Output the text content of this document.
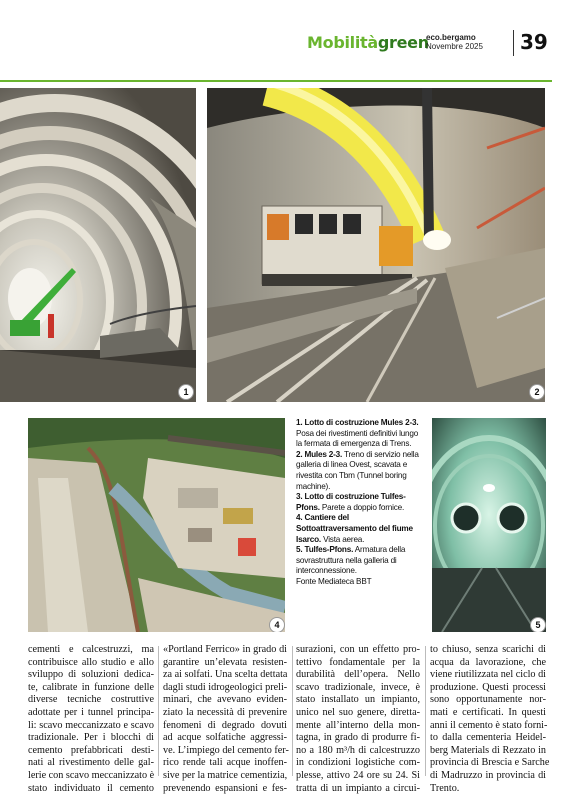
Mobilitàgreen
eco.bergamo
Novembre 2025 39
1	2
4

1. Lotto di costruzione Mules 2-3. Posa dei rivestimenti definitivi lungo la fermata di emergenza di Trens.

2. Mules 2-3. Treno di servizio nella galleria di linea Ovest, scavata e rivestita con Tbm (Tunnel boring machine).

3. Lotto di costruzione Tulfes-Pfons. Parete a doppio fornice.

4. Cantiere del Sottoattraversamento del fiume Isarco. Vista aerea.

5. Tulfes-Pfons. Armatura della sovrastruttura nella galleria di interconnessione.

Fonte Mediateca BBT

5
cementi e calcestruzzi, ma
contribuisce allo studio e allo
sviluppo di soluzioni dedica-
te, calibrate in funzione delle
diverse tecniche costruttive
adottate per i tunnel principa-
li: scavo meccanizzato e scavo
tradizionale. Per i blocchi di
cemento prefabbricati desti-
nati al rivestimento delle gal-
lerie con scavo meccanizzato è
stato individuato il cemento
«Portland Ferrico» in grado di
garantire un’elevata resisten-
za ai solfati. Una scelta dettata
dagli studi idrogeologici preli-
minari, che avevano eviden-
ziato la necessità di prevenire
fenomeni di degrado dovuti
ad acque solfatiche aggressi-
ve. L’impiego del cemento fer-
rico rende tali acque inoffen-
sive per la matrice cementizia,
prevenendo espansioni e fes-
surazioni, con un effetto pro-
tettivo fondamentale per la
durabilità dell’opera. Nello
scavo tradizionale, invece, è
stato installato un impianto,
unico nel suo genere, diretta-
mente all’interno della mon-
tagna, in grado di produrre fi-
no a 180 m³/h di calcestruzzo
in condizioni logistiche com-
plesse, attivo 24 ore su 24. Si
tratta di un impianto a circui-
to chiuso, senza scarichi di
acqua da lavorazione, che
viene riutilizzata nel ciclo di
produzione. Questi processi
sono opportunamente nor-
mati e certificati. In questi
anni il cemento è stato forni-
to dalla cementeria Heidel-
berg Materials di Rezzato in
provincia di Brescia e Sarche
di Madruzzo in provincia di
Trento.
